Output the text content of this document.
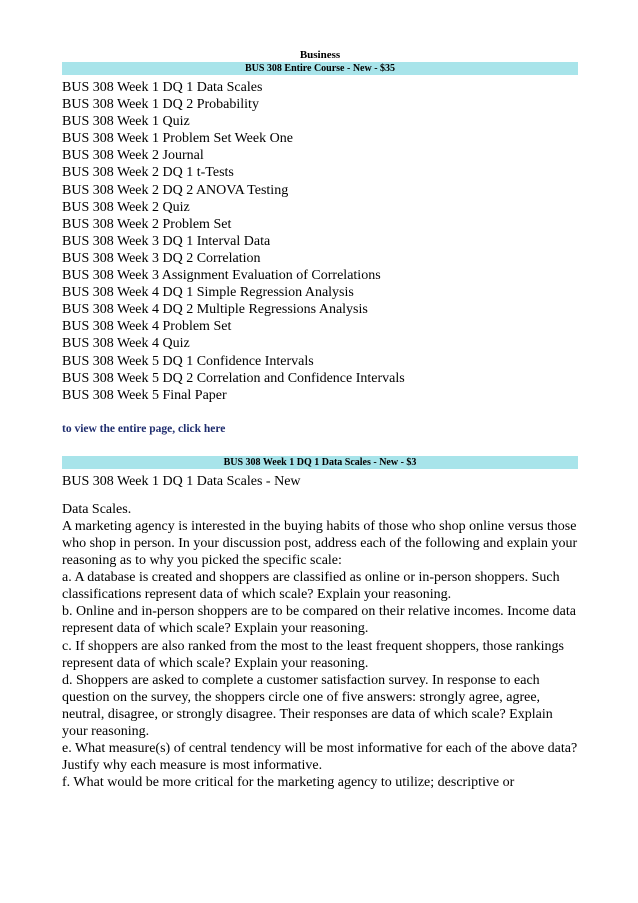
Business
BUS 308 Entire Course - New - $35
BUS 308 Week 1 DQ 1 Data Scales
BUS 308 Week 1 DQ 2 Probability
BUS 308 Week 1 Quiz
BUS 308 Week 1 Problem Set Week One
BUS 308 Week 2 Journal
BUS 308 Week 2 DQ 1 t-Tests
BUS 308 Week 2 DQ 2 ANOVA Testing
BUS 308 Week 2 Quiz
BUS 308 Week 2 Problem Set
BUS 308 Week 3 DQ 1 Interval Data
BUS 308 Week 3 DQ 2 Correlation
BUS 308 Week 3 Assignment Evaluation of Correlations
BUS 308 Week 4 DQ 1 Simple Regression Analysis
BUS 308 Week 4 DQ 2 Multiple Regressions Analysis
BUS 308 Week 4 Problem Set
BUS 308 Week 4 Quiz
BUS 308 Week 5 DQ 1 Confidence Intervals
BUS 308 Week 5 DQ 2 Correlation and Confidence Intervals
BUS 308 Week 5 Final Paper
to view the entire page, click here
BUS 308 Week 1 DQ 1 Data Scales - New - $3
BUS 308 Week 1 DQ 1 Data Scales - New

Data Scales.

A marketing agency is interested in the buying habits of those who shop online versus those who shop in person. In your discussion post, address each of the following and explain your reasoning as to why you picked the specific scale:

a. A database is created and shoppers are classified as online or in-person shoppers. Such classifications represent data of which scale? Explain your reasoning.

b. Online and in-person shoppers are to be compared on their relative incomes. Income data represent data of which scale? Explain your reasoning.

c. If shoppers are also ranked from the most to the least frequent shoppers, those rankings represent data of which scale? Explain your reasoning.

d. Shoppers are asked to complete a customer satisfaction survey. In response to each question on the survey, the shoppers circle one of five answers: strongly agree, agree, neutral, disagree, or strongly disagree. Their responses are data of which scale? Explain your reasoning.

e. What measure(s) of central tendency will be most informative for each of the above data? Justify why each measure is most informative.

f. What would be more critical for the marketing agency to utilize; descriptive or
